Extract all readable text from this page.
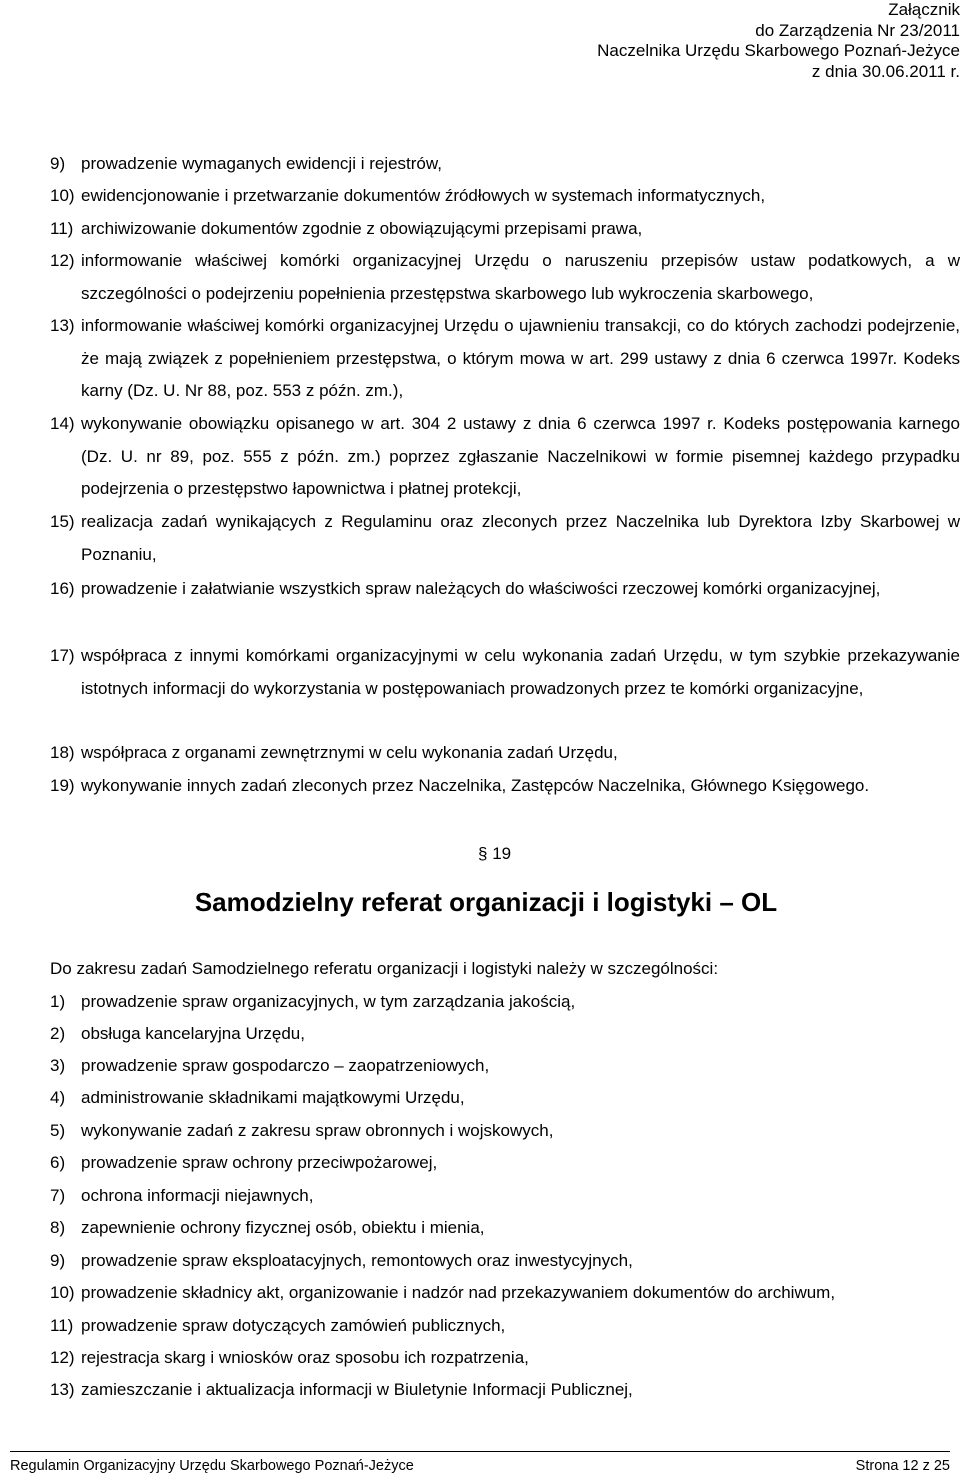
Załącznik
do Zarządzenia Nr 23/2011
Naczelnika Urzędu Skarbowego Poznań-Jeżyce
z dnia 30.06.2011 r.
9) prowadzenie wymaganych ewidencji i rejestrów,
10) ewidencjonowanie i przetwarzanie dokumentów źródłowych w systemach informatycznych,
11) archiwizowanie dokumentów zgodnie z obowiązującymi przepisami prawa,
12) informowanie właściwej komórki organizacyjnej Urzędu o naruszeniu przepisów ustaw podatkowych, a w szczególności o podejrzeniu popełnienia przestępstwa skarbowego lub wykroczenia skarbowego,
13) informowanie właściwej komórki organizacyjnej Urzędu o ujawnieniu transakcji, co do których zachodzi podejrzenie, że mają związek z popełnieniem przestępstwa, o którym mowa w art. 299 ustawy z dnia 6 czerwca 1997r. Kodeks karny (Dz. U. Nr 88, poz. 553 z późn. zm.),
14) wykonywanie obowiązku opisanego w art. 304 2 ustawy z dnia 6 czerwca 1997 r. Kodeks postępowania karnego (Dz. U. nr 89, poz. 555 z późn. zm.) poprzez zgłaszanie Naczelnikowi w formie pisemnej każdego przypadku podejrzenia o przestępstwo łapownictwa i płatnej protekcji,
15) realizacja zadań wynikających z Regulaminu oraz zleconych przez Naczelnika lub Dyrektora Izby Skarbowej w Poznaniu,
16) prowadzenie i załatwianie wszystkich spraw należących do właściwości rzeczowej komórki organizacyjnej,
17) współpraca z innymi komórkami organizacyjnymi w celu wykonania zadań Urzędu, w tym szybkie przekazywanie istotnych informacji do wykorzystania w postępowaniach prowadzonych przez te komórki organizacyjne,
18) współpraca z organami zewnętrznymi w celu wykonania zadań Urzędu,
19) wykonywanie innych zadań zleconych przez Naczelnika, Zastępców Naczelnika, Głównego Księgowego.
§ 19
Samodzielny referat organizacji i logistyki – OL
Do zakresu zadań Samodzielnego referatu organizacji i logistyki należy w szczególności:
1) prowadzenie spraw organizacyjnych, w tym zarządzania jakością,
2) obsługa kancelaryjna Urzędu,
3) prowadzenie spraw gospodarczo – zaopatrzeniowych,
4) administrowanie składnikami majątkowymi Urzędu,
5) wykonywanie zadań z zakresu spraw obronnych i wojskowych,
6) prowadzenie spraw ochrony przeciwpożarowej,
7) ochrona informacji niejawnych,
8) zapewnienie ochrony fizycznej osób, obiektu i mienia,
9) prowadzenie spraw eksploatacyjnych, remontowych oraz inwestycyjnych,
10) prowadzenie składnicy akt, organizowanie i nadzór nad przekazywaniem dokumentów do archiwum,
11) prowadzenie spraw dotyczących zamówień publicznych,
12) rejestracja skarg i wniosków oraz sposobu ich rozpatrzenia,
13) zamieszczanie i aktualizacja informacji w Biuletynie Informacji Publicznej,
Regulamin Organizacyjny Urzędu Skarbowego Poznań-Jeżyce	Strona 12 z 25
